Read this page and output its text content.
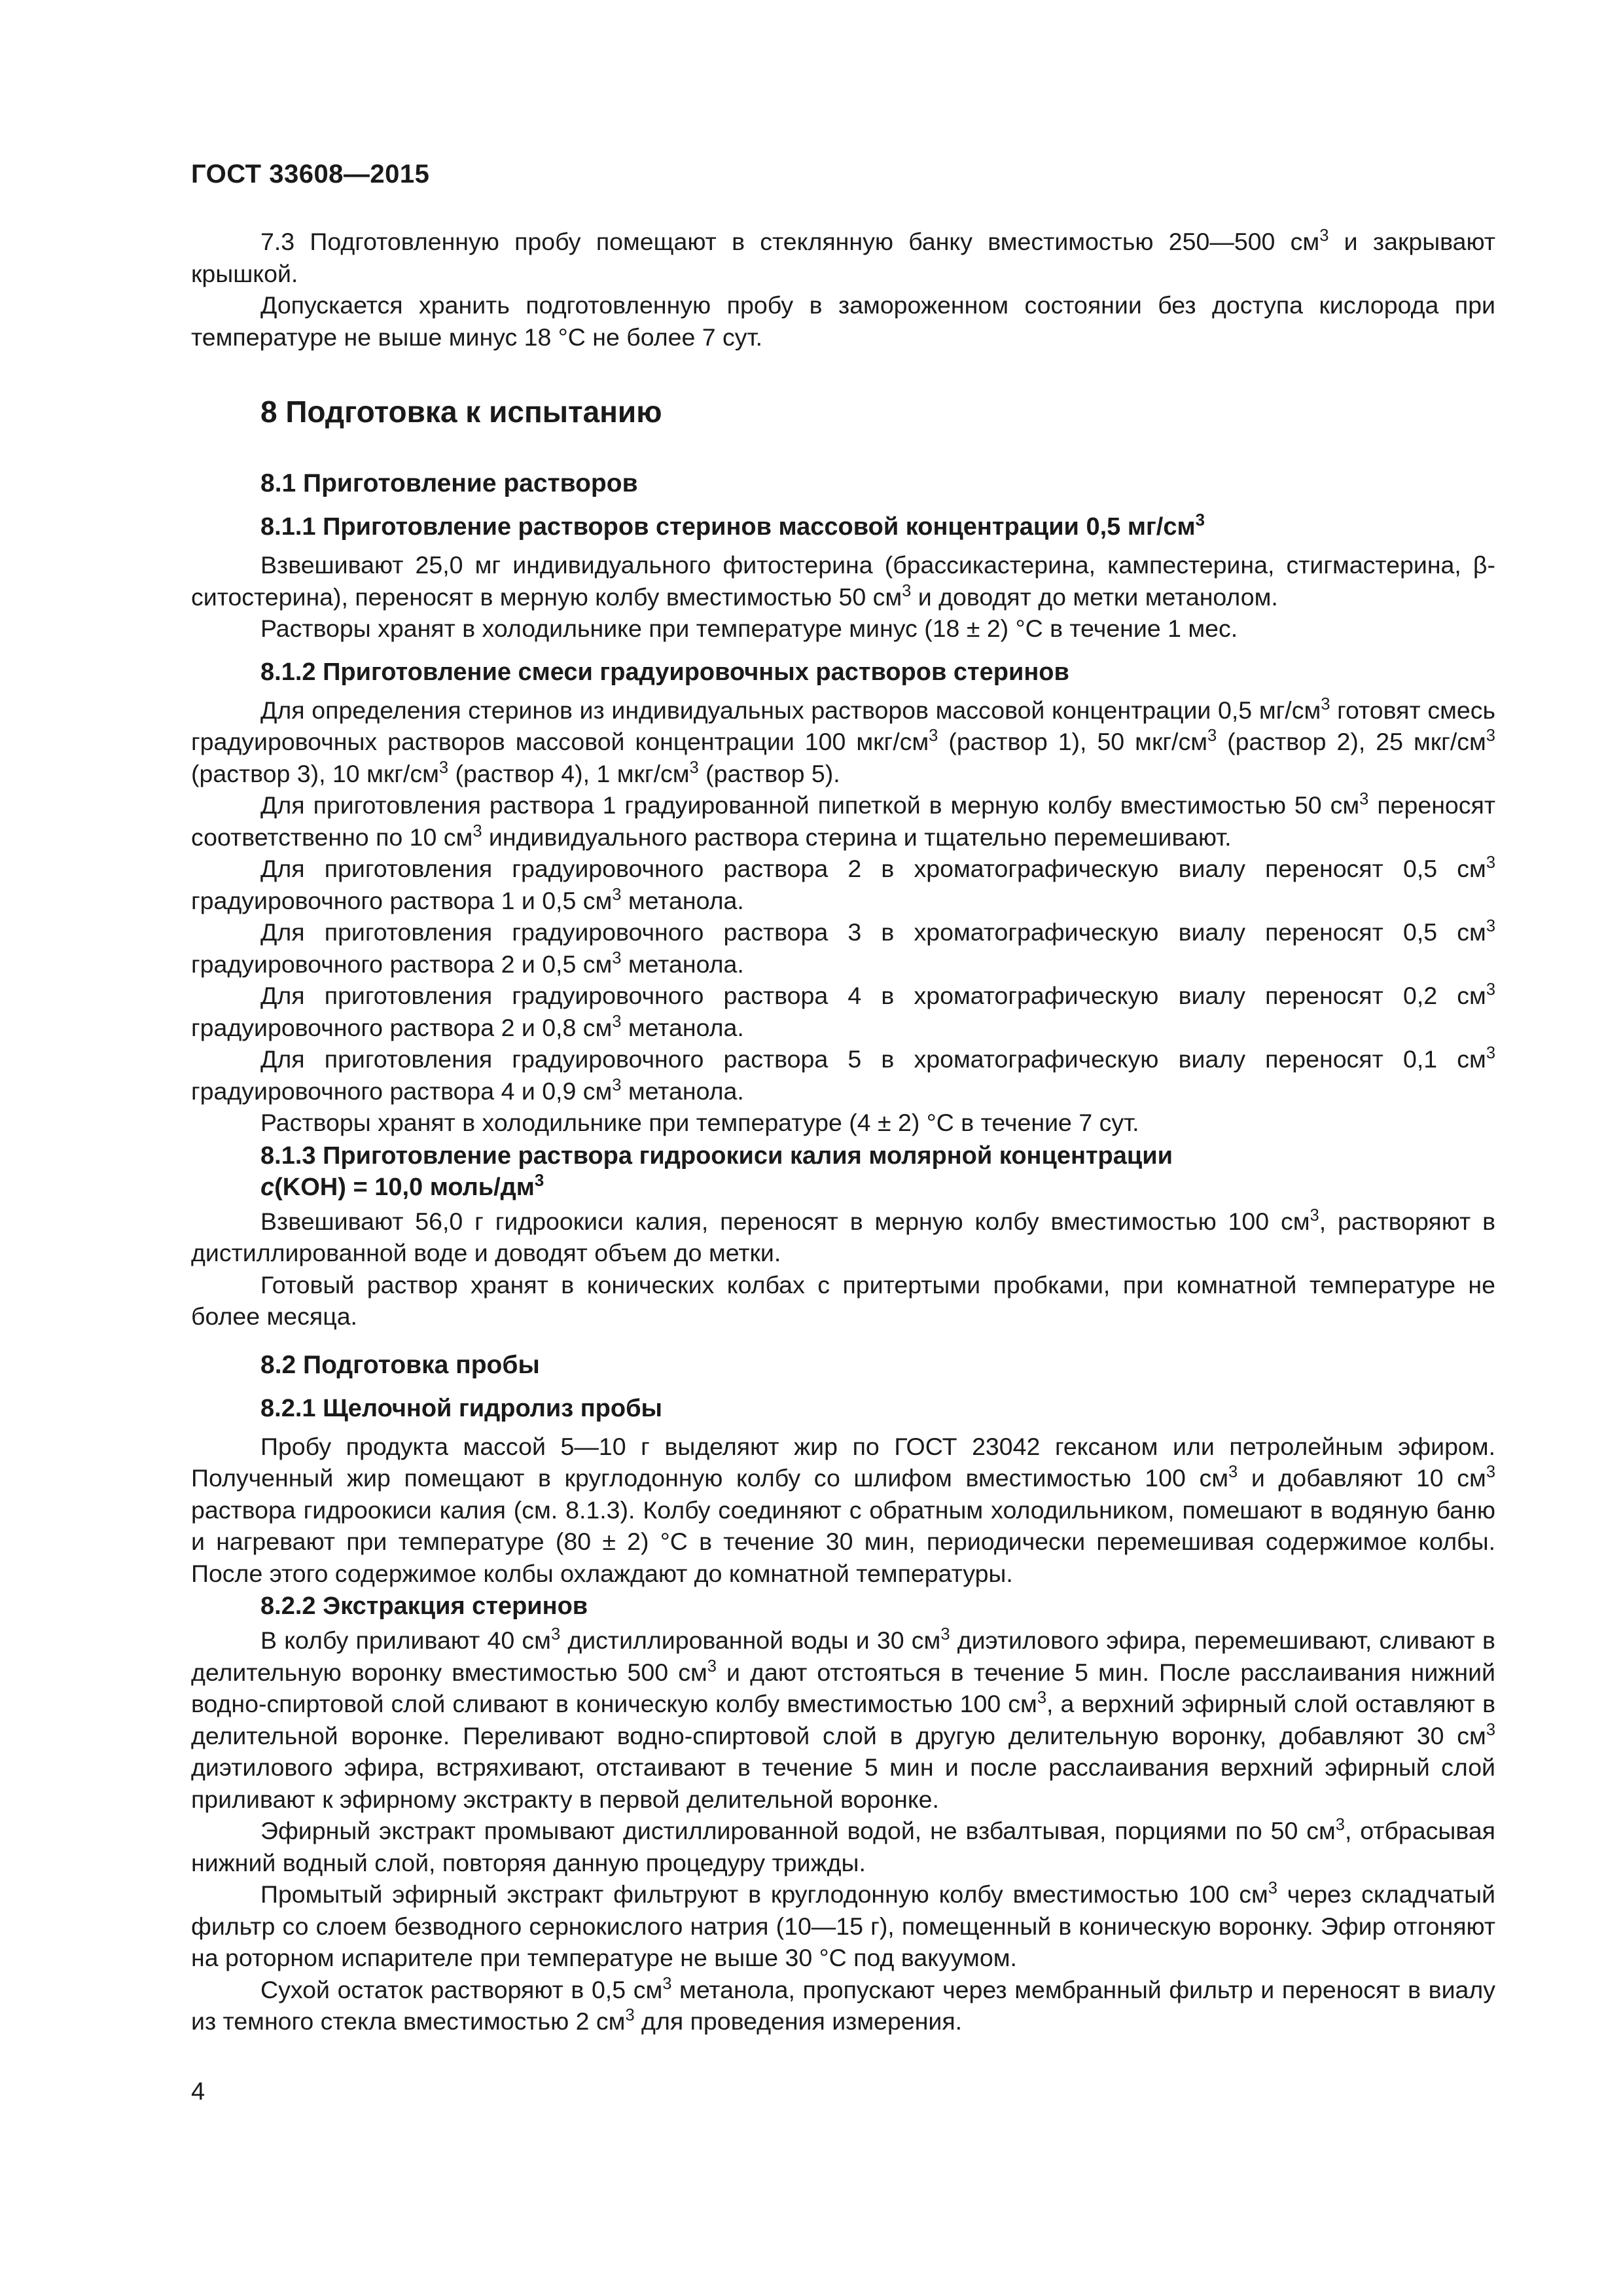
ГОСТ 33608—2015

7.3 Подготовленную пробу помещают в стеклянную банку вместимостью 250—500 $см^3$ и закрывают крышкой.

Допускается хранить подготовленную пробу в замороженном состоянии без доступа кислорода при температуре не выше минус 18 °С не более 7 сут.

8 Подготовка к испытанию
8.1 Приготовление растворов
8.1.1 Приготовление растворов стеринов массовой концентрации 0,5 $мг/см^3$

Взвешивают 25,0 мг индивидуального фитостерина (брассикастерина, кампестерина, стигмастерина, β-ситостерина), переносят в мерную колбу вместимостью 50 $см^3$ и доводят до метки метанолом.

Растворы хранят в холодильнике при температуре минус (18 ± 2) °С в течение 1 мес.

8.1.2 Приготовление смеси градуировочных растворов стеринов

Для определения стеринов из индивидуальных растворов массовой концентрации 0,5 $мг/см^3$ готовят смесь градуировочных растворов массовой концентрации 100 мкг/$см^3$ (раствор 1), 50 мкг/$см^3$ (раствор 2), 25 мкг/$см^3$ (раствор 3), 10 мкг/$см^3$ (раствор 4), 1 мкг/$см^3$ (раствор 5).

Для приготовления раствора 1 градуированной пипеткой в мерную колбу вместимостью 50 $см^3$ переносят соответственно по 10 $см^3$ индивидуального раствора стерина и тщательно перемешивают.

Для приготовления градуировочного раствора 2 в хроматографическую виалу переносят 0,5 $см^3$ градуировочного раствора 1 и 0,5 $см^3$ метанола.

Для приготовления градуировочного раствора 3 в хроматографическую виалу переносят 0,5 $см^3$ градуировочного раствора 2 и 0,5 $см^3$ метанола.

Для приготовления градуировочного раствора 4 в хроматографическую виалу переносят 0,2 $см^3$ градуировочного раствора 2 и 0,8 $см^3$ метанола.

Для приготовления градуировочного раствора 5 в хроматографическую виалу переносят 0,1 $см^3$ градуировочного раствора 4 и 0,9 $см^3$ метанола.

Растворы хранят в холодильнике при температуре (4 ± 2) °С в течение 7 сут.

8.1.3 Приготовление раствора гидроокиси калия молярной концентрации
c(KOH) = 10,0 моль/$дм^3$

Взвешивают 56,0 г гидроокиси калия, переносят в мерную колбу вместимостью 100 $см^3$, растворяют в дистиллированной воде и доводят объем до метки.

Готовый раствор хранят в конических колбах с притертыми пробками, при комнатной температуре не более месяца.

8.2 Подготовка пробы
8.2.1 Щелочной гидролиз пробы

Пробу продукта массой 5—10 г выделяют жир по ГОСТ 23042 гексаном или петролейным эфиром. Полученный жир помещают в круглодонную колбу со шлифом вместимостью 100 $см^3$ и добавляют 10 $см^3$ раствора гидроокиси калия (см. 8.1.3). Колбу соединяют с обратным холодильником, помешают в водяную баню и нагревают при температуре (80 ± 2) °С в течение 30 мин, периодически перемешивая содержимое колбы. После этого содержимое колбы охлаждают до комнатной температуры.

8.2.2 Экстракция стеринов

В колбу приливают 40 $см^3$ дистиллированной воды и 30 $см^3$ диэтилового эфира, перемешивают, сливают в делительную воронку вместимостью 500 $см^3$ и дают отстояться в течение 5 мин. После расслаивания нижний водно-спиртовой слой сливают в коническую колбу вместимостью 100 $см^3$, а верхний эфирный слой оставляют в делительной воронке. Переливают водно-спиртовой слой в другую делительную воронку, добавляют 30 $см^3$ диэтилового эфира, встряхивают, отстаивают в течение 5 мин и после расслаивания верхний эфирный слой приливают к эфирному экстракту в первой делительной воронке.

Эфирный экстракт промывают дистиллированной водой, не взбалтывая, порциями по 50 $см^3$, отбрасывая нижний водный слой, повторяя данную процедуру трижды.

Промытый эфирный экстракт фильтруют в круглодонную колбу вместимостью 100 $см^3$ через складчатый фильтр со слоем безводного сернокислого натрия (10—15 г), помещенный в коническую воронку. Эфир отгоняют на роторном испарителе при температуре не выше 30 °С под вакуумом.

Сухой остаток растворяют в 0,5 $см^3$ метанола, пропускают через мембранный фильтр и переносят в виалу из темного стекла вместимостью 2 $см^3$ для проведения измерения.

4
